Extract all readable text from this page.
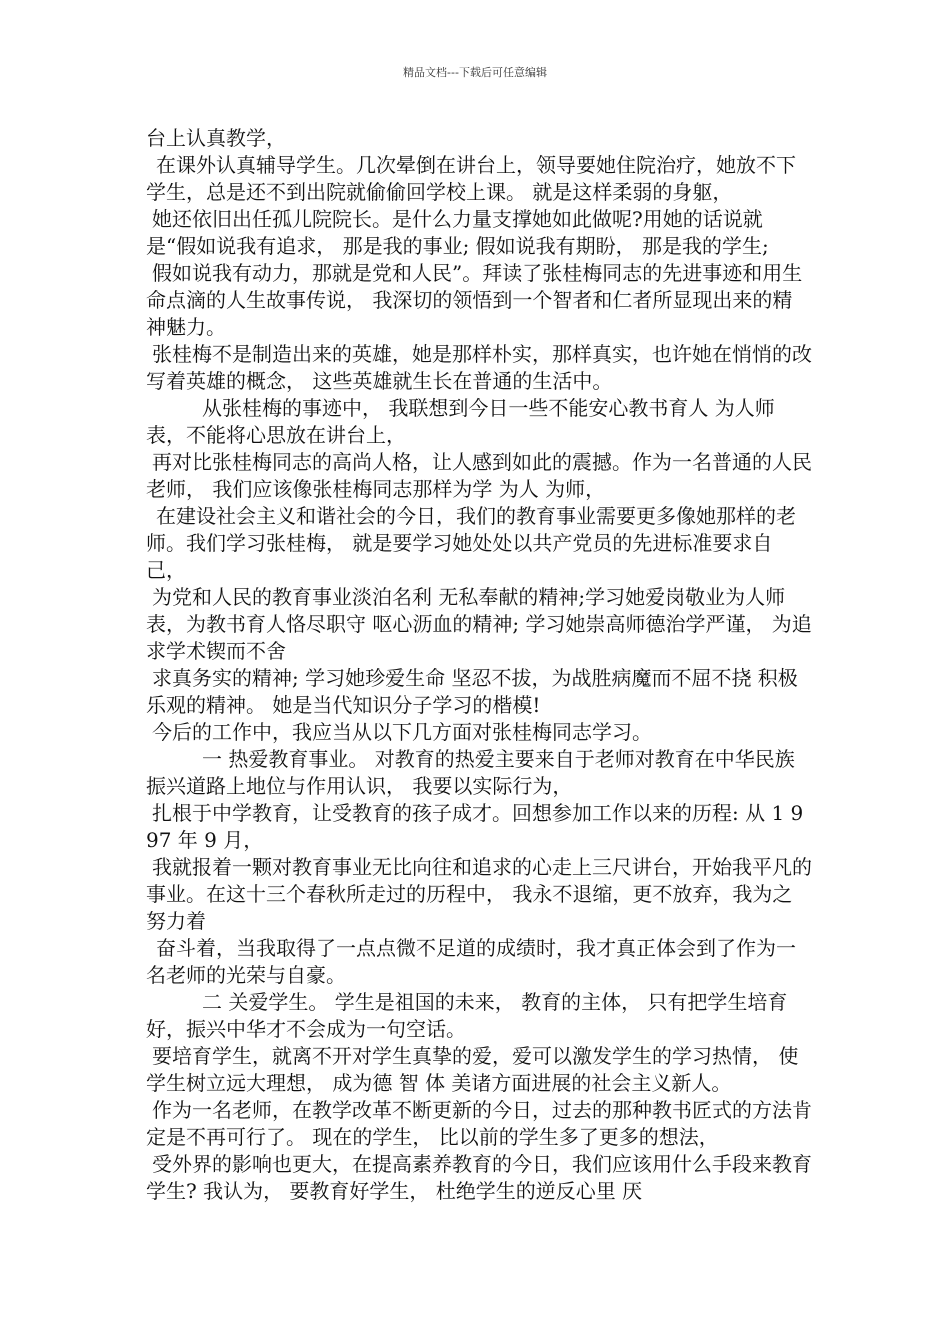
精品文档---下载后可任意编辑

台上认真教学，

在课外认真辅导学生。几次晕倒在讲台上，领导要她住院治疗，她放不下学生，总是还不到出院就偷偷回学校上课。 就是这样柔弱的身躯，

她还依旧出任孤儿院院长。是什么力量支撑她如此做呢?用她的话说就是“假如说我有追求， 那是我的事业; 假如说我有期盼， 那是我的学生;

假如说我有动力，那就是党和人民”。拜读了张桂梅同志的先进事迹和用生命点滴的人生故事传说， 我深切的领悟到一个智者和仁者所显现出来的精神魅力。

张桂梅不是制造出来的英雄，她是那样朴实，那样真实，也许她在悄悄的改写着英雄的概念， 这些英雄就生长在普通的生活中。

从张桂梅的事迹中， 我联想到今日一些不能安心教书育人 为人师表，不能将心思放在讲台上，

再对比张桂梅同志的高尚人格，让人感到如此的震撼。作为一名普通的人民老师， 我们应该像张桂梅同志那样为学 为人 为师，

在建设社会主义和谐社会的今日，我们的教育事业需要更多像她那样的老师。我们学习张桂梅， 就是要学习她处处以共产党员的先进标准要求自己，

为党和人民的教育事业淡泊名利 无私奉献的精神;学习她爱岗敬业为人师表，为教书育人恪尽职守 呕心沥血的精神; 学习她崇高师德治学严谨， 为追求学术锲而不舍

求真务实的精神; 学习她珍爱生命 坚忍不拔，为战胜病魔而不屈不挠 积极乐观的精神。 她是当代知识分子学习的楷模!

今后的工作中，我应当从以下几方面对张桂梅同志学习。

一 热爱教育事业。 对教育的热爱主要来自于老师对教育在中华民族振兴道路上地位与作用认识， 我要以实际行为，

扎根于中学教育，让受教育的孩子成才。回想参加工作以来的历程: 从 1 997 年 9 月，

我就报着一颗对教育事业无比向往和追求的心走上三尺讲台，开始我平凡的事业。在这十三个春秋所走过的历程中， 我永不退缩，更不放弃，我为之努力着

奋斗着，当我取得了一点点微不足道的成绩时，我才真正体会到了作为一名老师的光荣与自豪。

二 关爱学生。 学生是祖国的未来， 教育的主体， 只有把学生培育好，振兴中华才不会成为一句空话。

要培育学生，就离不开对学生真挚的爱，爱可以激发学生的学习热情， 使学生树立远大理想， 成为德 智 体 美诸方面进展的社会主义新人。

作为一名老师，在教学改革不断更新的今日，过去的那种教书匠式的方法肯定是不再可行了。 现在的学生， 比以前的学生多了更多的想法，

受外界的影响也更大，在提高素养教育的今日，我们应该用什么手段来教育学生? 我认为， 要教育好学生， 杜绝学生的逆反心里 厌
